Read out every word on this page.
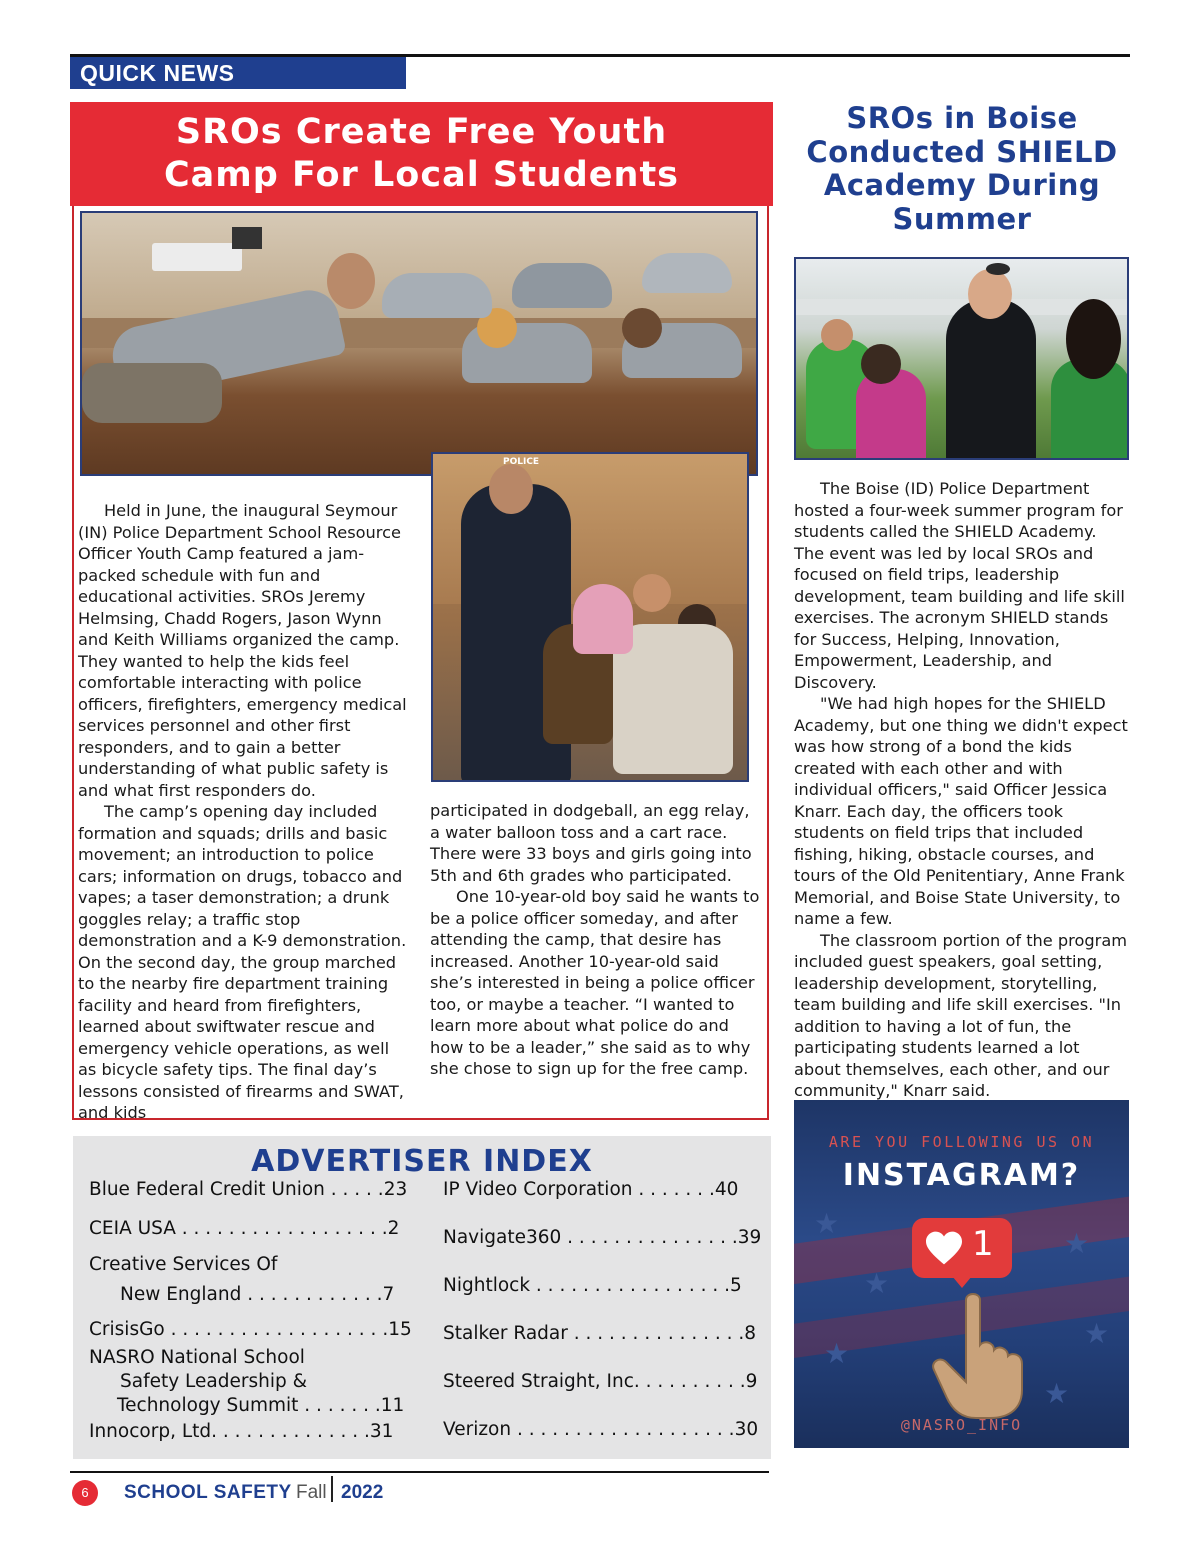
QUICK NEWS
SROs Create Free Youth
Camp For Local Students
POLICE

Held in June, the inaugural Seymour (IN) Police Department School Resource Officer Youth Camp featured a jam-packed schedule with fun and educational activities. SROs Jeremy Helmsing, Chadd Rogers, Jason Wynn and Keith Williams organized the camp. They wanted to help the kids feel comfortable interacting with police officers, firefighters, emergency medical services personnel and other first responders, and to gain a better understanding of what public safety is and what first responders do.

The camp’s opening day included formation and squads; drills and basic movement; an introduction to police cars; information on drugs, tobacco and vapes; a taser demonstration; a drunk goggles relay; a traffic stop demonstration and a K-9 demonstration. On the second day, the group marched to the nearby fire department training facility and heard from firefighters, learned about swiftwater rescue and emergency vehicle operations, as well as bicycle safety tips. The final day’s lessons consisted of firearms and SWAT, and kids

participated in dodgeball, an egg relay, a water balloon toss and a cart race. There were 33 boys and girls going into 5th and 6th grades who participated.

One 10-year-old boy said he wants to be a police officer someday, and after attending the camp, that desire has increased. Another 10-year-old said she’s interested in being a police officer too, or maybe a teacher. “I wanted to learn more about what police do and how to be a leader,” she said as to why she chose to sign up for the free camp.

SROs in Boise Conducted SHIELD Academy During Summer

The Boise (ID) Police Department hosted a four-week summer program for students called the SHIELD Academy. The event was led by local SROs and focused on field trips, leadership development, team building and life skill exercises. The acronym SHIELD stands for Success, Helping, Innovation, Empowerment, Leadership, and Discovery.

"We had high hopes for the SHIELD Academy, but one thing we didn't expect was how strong of a bond the kids created with each other and with individual officers," said Officer Jessica Knarr. Each day, the officers took students on field trips that included fishing, hiking, obstacle courses, and tours of the Old Penitentiary, Anne Frank Memorial, and Boise State University, to name a few.

The classroom portion of the program included guest speakers, goal setting, leadership development, storytelling, team building and life skill exercises. "In addition to having a lot of fun, the participating students learned a lot about themselves, each other, and our community," Knarr said.

ADVERTISER INDEX
Blue Federal Credit Union . . . . .23
CEIA USA . . . . . . . . . . . . . . . . . .2
Creative Services Of
New England . . . . . . . . . . . .7
CrisisGo . . . . . . . . . . . . . . . . . . .15
NASRO National School
Safety Leadership &
Technology Summit . . . . . . .11
Innocorp, Ltd. . . . . . . . . . . . . .31
IP Video Corporation . . . . . . .40
Navigate360 . . . . . . . . . . . . . . .39
Nightlock . . . . . . . . . . . . . . . . .5
Stalker Radar . . . . . . . . . . . . . . .8
Steered Straight, Inc. . . . . . . . . .9
Verizon . . . . . . . . . . . . . . . . . . .30
★
★
★
★
★
★
ARE YOU FOLLOWING US ON
INSTAGRAM?
1
@NASRO_INFO
6	SCHOOL SAFETY Fall 2022
